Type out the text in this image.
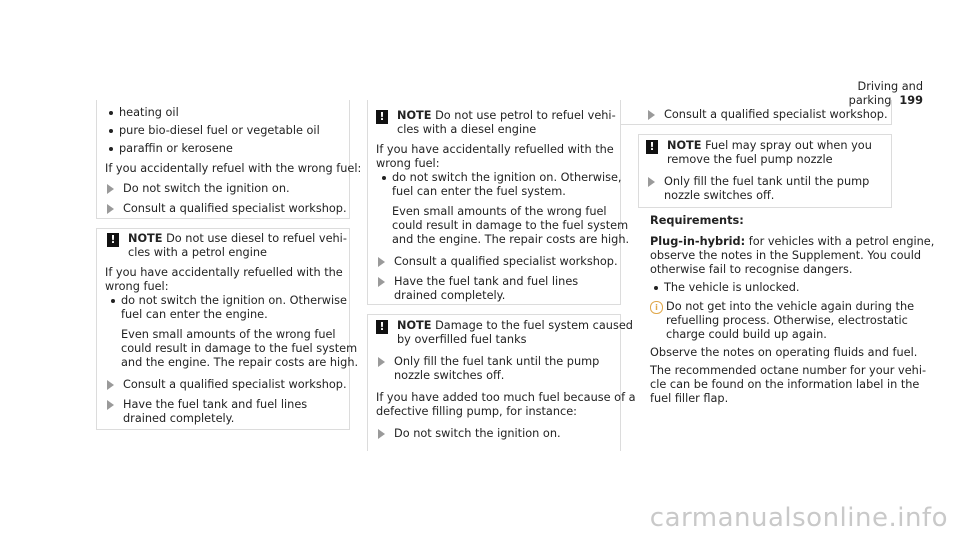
Driving and parking 199
heating oil
pure bio-diesel fuel or vegetable oil
paraffin or kerosene
If you accidentally refuel with the wrong fuel:
Do not switch the ignition on.
Consult a qualified specialist workshop.
!	NOTE Do not use diesel to refuel vehi-
cles with a petrol engine
If you have accidentally refuelled with the
wrong fuel:
do not switch the ignition on. Otherwise
fuel can enter the engine.
Even small amounts of the wrong fuel
could result in damage to the fuel system
and the engine. The repair costs are high.
Consult a qualified specialist workshop.
Have the fuel tank and fuel lines
drained completely.
!	NOTE Do not use petrol to refuel vehi-
cles with a diesel engine
If you have accidentally refuelled with the
wrong fuel:
do not switch the ignition on. Otherwise,
fuel can enter the fuel system.
Even small amounts of the wrong fuel
could result in damage to the fuel system
and the engine. The repair costs are high.
Consult a qualified specialist workshop.
Have the fuel tank and fuel lines
drained completely.
!	NOTE Damage to the fuel system caused
by overfilled fuel tanks
Only fill the fuel tank until the pump
nozzle switches off.
If you have added too much fuel because of a
defective filling pump, for instance:
Do not switch the ignition on.
Consult a qualified specialist workshop.
!	NOTE Fuel may spray out when you
remove the fuel pump nozzle
Only fill the fuel tank until the pump
nozzle switches off.
Requirements:
Plug-in-hybrid: for vehicles with a petrol engine,
observe the notes in the Supplement. You could
otherwise fail to recognise dangers.
The vehicle is unlocked.
i Do not get into the vehicle again during the
refuelling process. Otherwise, electrostatic
charge could build up again.
Observe the notes on operating fluids and fuel.
The recommended octane number for your vehi-
cle can be found on the information label in the
fuel filler flap.
carmanualsonline.info
